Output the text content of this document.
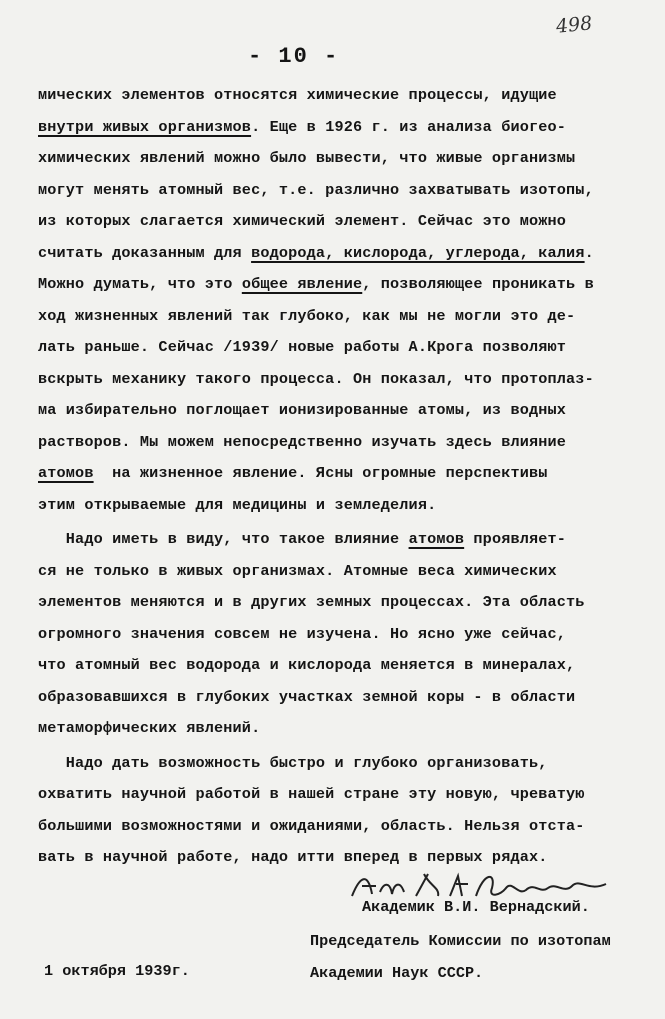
498
- 10 -
мических элементов относятся химические процессы, идущие
внутри живых организмов. Еще в 1926 г. из анализа биогео-
химических явлений можно было вывести, что живые организмы
могут менять атомный вес, т.е. различно захватывать изотопы,
из которых слагается химический элемент. Сейчас это можно
считать доказанным для водорода, кислорода, углерода, калия.
Можно думать, что это общее явление, позволяющее проникать в
ход жизненных явлений так глубоко, как мы не могли это де-
лать раньше. Сейчас /1939/ новые работы А.Крога позволяют
вскрыть механику такого процесса. Он показал, что протоплаз-
ма избирательно поглощает ионизированные атомы, из водных
растворов. Мы можем непосредственно изучать здесь влияние
атомов  на жизненное явление. Ясны огромные перспективы
этим открываемые для медицины и земледелия.
Надо иметь в виду, что такое влияние атомов проявляет-
ся не только в живых организмах. Атомные веса химических
элементов меняются и в других земных процессах. Эта область
огромного значения совсем не изучена. Но ясно уже сейчас,
что атомный вес водорода и кислорода меняется в минералах,
образовавшихся в глубоких участках земной коры - в области
метаморфических явлений.
Надо дать возможность быстро и глубоко организовать,
охватить научной работой в нашей стране эту новую, чреватую
большими возможностями и ожиданиями, область. Нельзя отста-
вать в научной работе, надо итти вперед в первых рядах.
Академик В.И. Вернадский.
Председатель Комиссии по изотопам
Академии Наук СССР.
1 октября 1939г.
